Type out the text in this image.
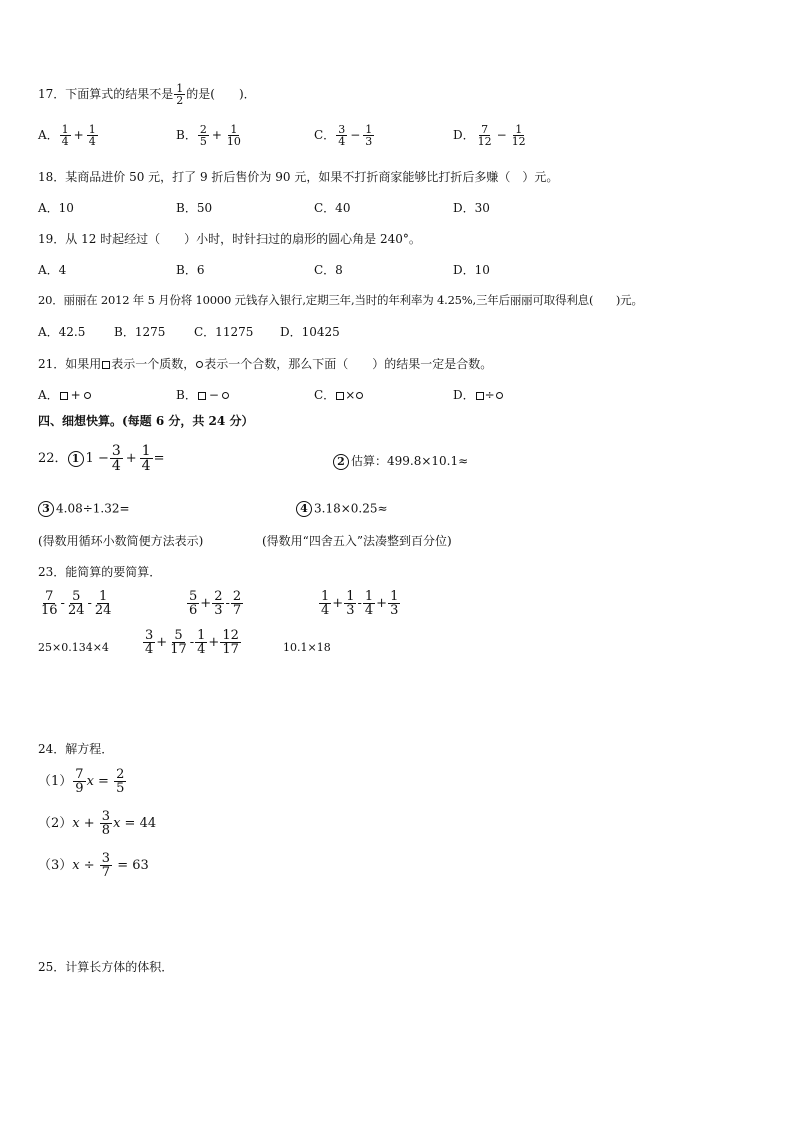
17．下面算式的结果不是 $\frac{1}{2}$ 的是(　　)．
A． $\frac{1}{4} + \frac{1}{4}$	B． $\frac{2}{5} + \frac{1}{10}$	C． $\frac{3}{4} - \frac{1}{3}$	D． $\frac{7}{12} - \frac{1}{12}$
18．某商品进价 50 元，打了 9 折后售价为 90 元，如果不打折商家能够比打折后多赚（　）元。
A．10	B．50	C．40	D．30
19．从 12 时起经过（　　）小时，时针扫过的扇形的圆心角是 240°。
A．4	B．6	C．8	D．10
20．丽丽在 2012 年 5 月份将 10000 元钱存入银行,定期三年,当时的年利率为 4.25%,三年后丽丽可取得利息(　　)元。
A．42.5 B．1275 C．11275 D．10425
21．如果用 表示一个质数， 表示一个合数，那么下面（　　）的结果一定是合数。
A． +	B． −	C． ×	D． ÷
四、细想快算。(每题 6 分，共 24 分）
22． 1 $1 - \frac{3}{4} + \frac{1}{4}$ =	2 估算：499.8×10.1≈
3 4.08÷1.32=	4 3.18×0.25≈
(得数用循环小数简便方法表示)	(得数用“四舍五入”法凑整到百分位)
23．能简算的要简算．
$\frac{7}{16} - \frac{5}{24} - \frac{1}{24}$	$\frac{5}{6} + \frac{2}{3} - \frac{2}{7}$	$\frac{1}{4} + \frac{1}{3} - \frac{1}{4} + \frac{1}{3}$
25×0.134×4	$\frac{3}{4} + \frac{5}{17} - \frac{1}{4} + \frac{12}{17}$	10.1×18
24．解方程．
$(1) \frac{7}{9}$ $x = \frac{2}{5}$
$(2)x + \frac{3}{8}$ x = 44
$(3)x \div \frac{3}{7} = 63$
25．计算长方体的体积．
